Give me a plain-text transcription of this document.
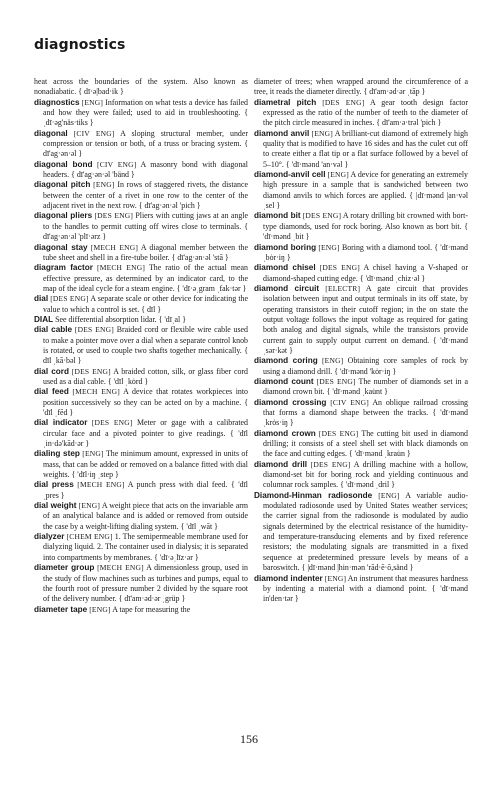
diagnostics
heat across the boundaries of the system. Also known as nonadiabatic. { dī·ə|bad·ik }
diagnostics [ENG] Information on what tests a device has failed and how they were failed; used to aid in troubleshooting. { ˌdī·əg'näs·tiks }
diagonal [CIV ENG] A sloping structural member, under compression or tension or both, of a truss or bracing system. { dī'ag·ən·əl }
diagonal bond [CIV ENG] A masonry bond with diagonal headers. { dī'ag·ən·əl 'bänd }
diagonal pitch [ENG] In rows of staggered rivets, the distance between the center of a rivet in one row to the center of the adjacent rivet in the next row. { dī'ag·ən·əl 'pich }
diagonal pliers [DES ENG] Pliers with cutting jaws at an angle to the handles to permit cutting off wires close to terminals. { dī'ag·ən·əl 'plī·ərz }
diagonal stay [MECH ENG] A diagonal member between the tube sheet and shell in a fire-tube boiler. { dī'ag·ən·əl 'stā }
diagram factor [MECH ENG] The ratio of the actual mean effective pressure, as determined by an indicator card, to the map of the ideal cycle for a steam engine. { 'dī·əˌgram ˌfak·tər }
dial [DES ENG] A separate scale or other device for indicating the value to which a control is set. { dīl }
DIAL See differential absorption lidar. { 'dīˌal }
dial cable [DES ENG] Braided cord or flexible wire cable used to make a pointer move over a dial when a separate control knob is rotated, or used to couple two shafts together mechanically. { dīl ˌkā·bəl }
dial cord [DES ENG] A braided cotton, silk, or glass fiber cord used as a dial cable. { 'dīl ˌkȯrd }
dial feed [MECH ENG] A device that rotates workpieces into position successively so they can be acted on by a machine. { 'dīl ˌfēd }
dial indicator [DES ENG] Meter or gage with a calibrated circular face and a pivoted pointer to give readings. { 'dīl ˌin·də'kād·ər }
dialing step [ENG] The minimum amount, expressed in units of mass, that can be added or removed on a balance fitted with dial weights. { 'dīl·iŋ ˌstep }
dial press [MECH ENG] A punch press with dial feed. { 'dīl ˌpres }
dial weight [ENG] A weight piece that acts on the invariable arm of an analytical balance and is added or removed from outside the case by a weight-lifting dialing system. { 'dīl ˌwāt }
dialyzer [CHEM ENG] 1. The semipermeable membrane used for dialyzing liquid. 2. The container used in dialysis; it is separated into compartments by membranes. { 'dī·əˌlīz·ər }
diameter group [MECH ENG] A dimensionless group, used in the study of flow machines such as turbines and pumps, equal to the fourth root of pressure number 2 divided by the square root of the delivery number. { dī'am·əd·ər ˌgrüp }
diameter tape [ENG] A tape for measuring the
diameter of trees; when wrapped around the circumference of a tree, it reads the diameter directly. { dī'am·əd·ər ˌtāp }
diametral pitch [DES ENG] A gear tooth design factor expressed as the ratio of the number of teeth to the diameter of the pitch circle measured in inches. { dī'am·ə·trəl 'pich }
diamond anvil [ENG] A brilliant-cut diamond of extremely high quality that is modified to have 16 sides and has the culet cut off to create either a flat tip or a flat surface followed by a bevel of 5–10°. { 'dī·mənd 'an·vəl }
diamond-anvil cell [ENG] A device for generating an extremely high pressure in a sample that is sandwiched between two diamond anvils to which forces are applied. { |dī·mənd |an·vəl ˌsel }
diamond bit [DES ENG] A rotary drilling bit crowned with bort-type diamonds, used for rock boring. Also known as bort bit. { 'dī·mənd ˌbit }
diamond boring [ENG] Boring with a diamond tool. { 'dī·mənd ˌbȯr·iŋ }
diamond chisel [DES ENG] A chisel having a V-shaped or diamond-shaped cutting edge. { 'dī·mənd ˌchiz·əl }
diamond circuit [ELECTR] A gate circuit that provides isolation between input and output terminals in its off state, by operating transistors in their cutoff region; in the on state the output voltage follows the input voltage as required for gating both analog and digital signals, while the transistors provide current gain to supply output current on demand. { 'dī·mənd ˌsər·kət }
diamond coring [ENG] Obtaining core samples of rock by using a diamond drill. { 'dī·mənd 'kȯr·iŋ }
diamond count [DES ENG] The number of diamonds set in a diamond crown bit. { 'dī·mənd ˌkau̇nt }
diamond crossing [CIV ENG] An oblique railroad crossing that forms a diamond shape between the tracks. { 'dī·mənd ˌkrȯs·iŋ }
diamond crown [DES ENG] The cutting bit used in diamond drilling; it consists of a steel shell set with black diamonds on the face and cutting edges. { 'dī·mənd ˌkrau̇n }
diamond drill [DES ENG] A drilling machine with a hollow, diamond-set bit for boring rock and yielding continuous and columnar rock samples. { 'dī·mənd ˌdril }
Diamond-Hinman radiosonde [ENG] A variable audio-modulated radiosonde used by United States weather services; the carrier signal from the radiosonde is modulated by audio signals determined by the electrical resistance of the humidity- and temperature-transducing elements and by fixed reference resistors; the modulating signals are transmitted in a fixed sequence at predetermined pressure levels by means of a baroswitch. { |dī·mənd |hin·mən 'rād·ē·ō,sänd }
diamond indenter [ENG] An instrument that measures hardness by indenting a material with a diamond point. { 'dī·mənd in'den·tər }
156
